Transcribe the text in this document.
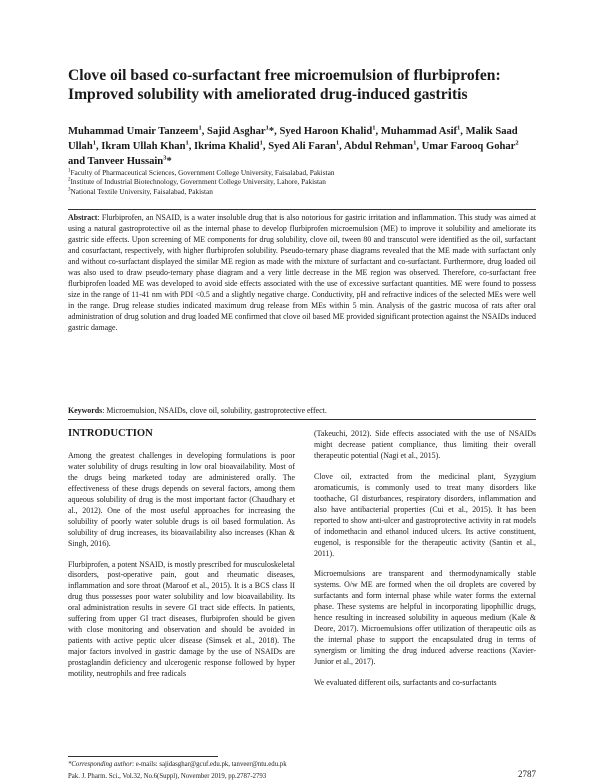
Clove oil based co-surfactant free microemulsion of flurbiprofen: Improved solubility with ameliorated drug-induced gastritis
Muhammad Umair Tanzeem$^1$, Sajid Asghar$^1$*, Syed Haroon Khalid$^1$, Muhammad Asif$^1$, Malik Saad Ullah$^1$, Ikram Ullah Khan$^1$, Ikrima Khalid$^1$, Syed Ali Faran$^1$, Abdul Rehman$^1$, Umar Farooq Gohar$^2$ and Tanveer Hussain$^3$*
$^1$Faculty of Pharmaceutical Sciences, Government College University, Faisalabad, Pakistan
$^2$Institute of Industrial Biotechnology, Government College University, Lahore, Pakistan
$^3$National Textile University, Faisalabad, Pakistan
Abstract: Flurbiprofen, an NSAID, is a water insoluble drug that is also notorious for gastric irritation and inflammation. This study was aimed at using a natural gastroprotective oil as the internal phase to develop flurbiprofen microemulsion (ME) to improve it solubility and ameliorate its gastric side effects. Upon screening of ME components for drug solubility, clove oil, tween 80 and transcutol were identified as the oil, surfactant and cosurfactant, respectively, with higher flurbiprofen solubility. Pseudo-ternary phase diagrams revealed that the ME made with surfactant only and without co-surfactant displayed the similar ME region as made with the mixture of surfactant and co-surfactant. Furthermore, drug loaded oil was also used to draw pseudo-ternary phase diagram and a very little decrease in the ME region was observed. Therefore, co-surfactant free flurbiprofen loaded ME was developed to avoid side effects associated with the use of excessive surfactant quantities. ME were found to possess size in the range of 11-41 nm with PDI <0.5 and a slightly negative charge. Conductivity, pH and refractive indices of the selected MEs were well in the range. Drug release studies indicated maximum drug release from MEs within 5 min. Analysis of the gastric mucosa of rats after oral administration of drug solution and drug loaded ME confirmed that clove oil based ME provided significant protection against the NSAIDs induced gastric damage.
Keywords: Microemulsion, NSAIDs, clove oil, solubility, gastroprotective effect.
INTRODUCTION

Among the greatest challenges in developing formulations is poor water solubility of drugs resulting in low oral bioavailability. Most of the drugs being marketed today are administered orally. The effectiveness of these drugs depends on several factors, among them aqueous solubility of drug is the most important factor (Chaudhary et al., 2012). One of the most useful approaches for increasing the solubility of poorly water soluble drugs is oil based formulation. As solubility of drug increases, its bioavailability also increases (Khan & Singh, 2016).

Flurbiprofen, a potent NSAID, is mostly prescribed for musculoskeletal disorders, post-operative pain, gout and rheumatic diseases, inflammation and sore throat (Maroof et al., 2015). It is a BCS class II drug thus possesses poor water solubility and low bioavailability. Its oral administration results in severe GI tract side effects. In patients, suffering from upper GI tract diseases, flurbiprofen should be given with close monitoring and observation and should be avoided in patients with active peptic ulcer disease (Simsek et al., 2018). The major factors involved in gastric damage by the use of NSAIDs are prostaglandin deficiency and ulcerogenic response followed by hyper motility, neutrophils and free radicals

(Takeuchi, 2012). Side effects associated with the use of NSAIDs might decrease patient compliance, thus limiting their overall therapeutic potential (Nagi et al., 2015).

Clove oil, extracted from the medicinal plant, Syzygium aromaticumis, is commonly used to treat many disorders like toothache, GI disturbances, respiratory disorders, inflammation and also have antibacterial properties (Cui et al., 2015). It has been reported to show anti-ulcer and gastroprotective activity in rat models of indomethacin and ethanol induced ulcers. Its active constituent, eugenol, is responsible for the therapeutic activity (Santin et al., 2011).

Microemulsions are transparent and thermodynamically stable systems. O/w ME are formed when the oil droplets are covered by surfactants and form internal phase while water forms the external phase. These systems are helpful in incorporating lipophillic drugs, hence resulting in increased solubility in aqueous medium (Kale & Deore, 2017). Microemulsions offer utilization of therapeutic oils as the internal phase to support the encapsulated drug in terms of synergism or limiting the drug induced adverse reactions (Xavier-Junior et al., 2017).

We evaluated different oils, surfactants and co-surfactants

*Corresponding author: e-mails: sajidasghar@gcuf.edu.pk, tanveer@ntu.edu.pk
Pak. J. Pharm. Sci., Vol.32, No.6(Suppl), November 2019, pp.2787-2793	2787
